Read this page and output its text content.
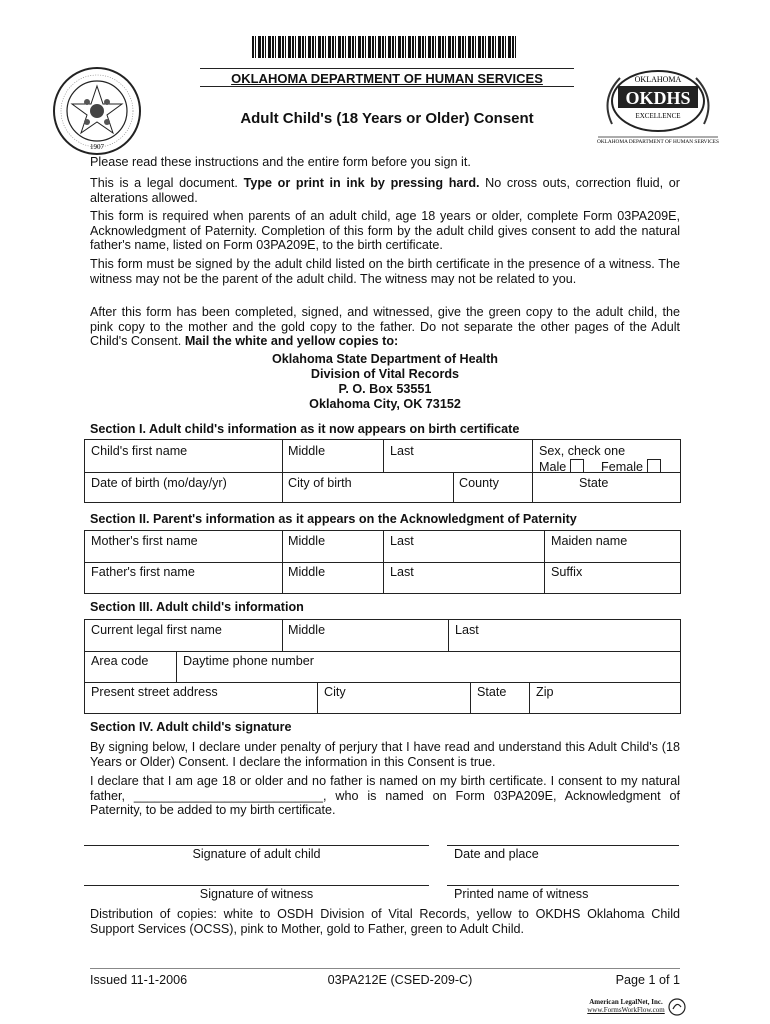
1907
OKLAHOMA
OKDHS
EXCELLENCE
OKLAHOMA DEPARTMENT OF HUMAN SERVICES
OKLAHOMA DEPARTMENT OF HUMAN SERVICES
Adult Child's (18 Years or Older) Consent
Please read these instructions and the entire form before you sign it.
This is a legal document. Type or print in ink by pressing hard. No cross outs, correction fluid, or alterations allowed.
This form is required when parents of an adult child, age 18 years or older, complete Form 03PA209E, Acknowledgment of Paternity. Completion of this form by the adult child gives consent to add the natural father's name, listed on Form 03PA209E, to the birth certificate.
This form must be signed by the adult child listed on the birth certificate in the presence of a witness. The witness may not be the parent of the adult child. The witness may not be related to you.
After this form has been completed, signed, and witnessed, give the green copy to the adult child, the pink copy to the mother and the gold copy to the father. Do not separate the other pages of the Adult Child's Consent. Mail the white and yellow copies to:
Oklahoma State Department of Health
Division of Vital Records
P. O. Box 53551
Oklahoma City, OK 73152
Section I. Adult child's information as it now appears on birth certificate
Child's first name	Middle	Last	Sex, check one
Male	Female
Date of birth (mo/day/yr)	City of birth	County	State
Section II. Parent's information as it appears on the Acknowledgment of Paternity
Mother's first name	Middle	Last	Maiden name
Father's first name	Middle	Last	Suffix
Section III. Adult child's information
Current legal first name	Middle	Last
Area code	Daytime phone number
Present street address	City	State Zip
Section IV. Adult child's signature
By signing below, I declare under penalty of perjury that I have read and understand this Adult Child's (18 Years or Older) Consent. I declare the information in this Consent is true.
I declare that I am age 18 or older and no father is named on my birth certificate. I consent to my natural father, ___________________________, who is named on Form 03PA209E, Acknowledgment of Paternity, to be added to my birth certificate.
Signature of adult child	Date and place
Signature of witness	Printed name of witness
Distribution of copies: white to OSDH Division of Vital Records, yellow to OKDHS Oklahoma Child Support Services (OCSS), pink to Mother, gold to Father, green to Adult Child.
Issued 11-1-2006	03PA212E (CSED-209-C)	Page 1 of 1
American LegalNet, Inc.
www.FormsWorkFlow.com
